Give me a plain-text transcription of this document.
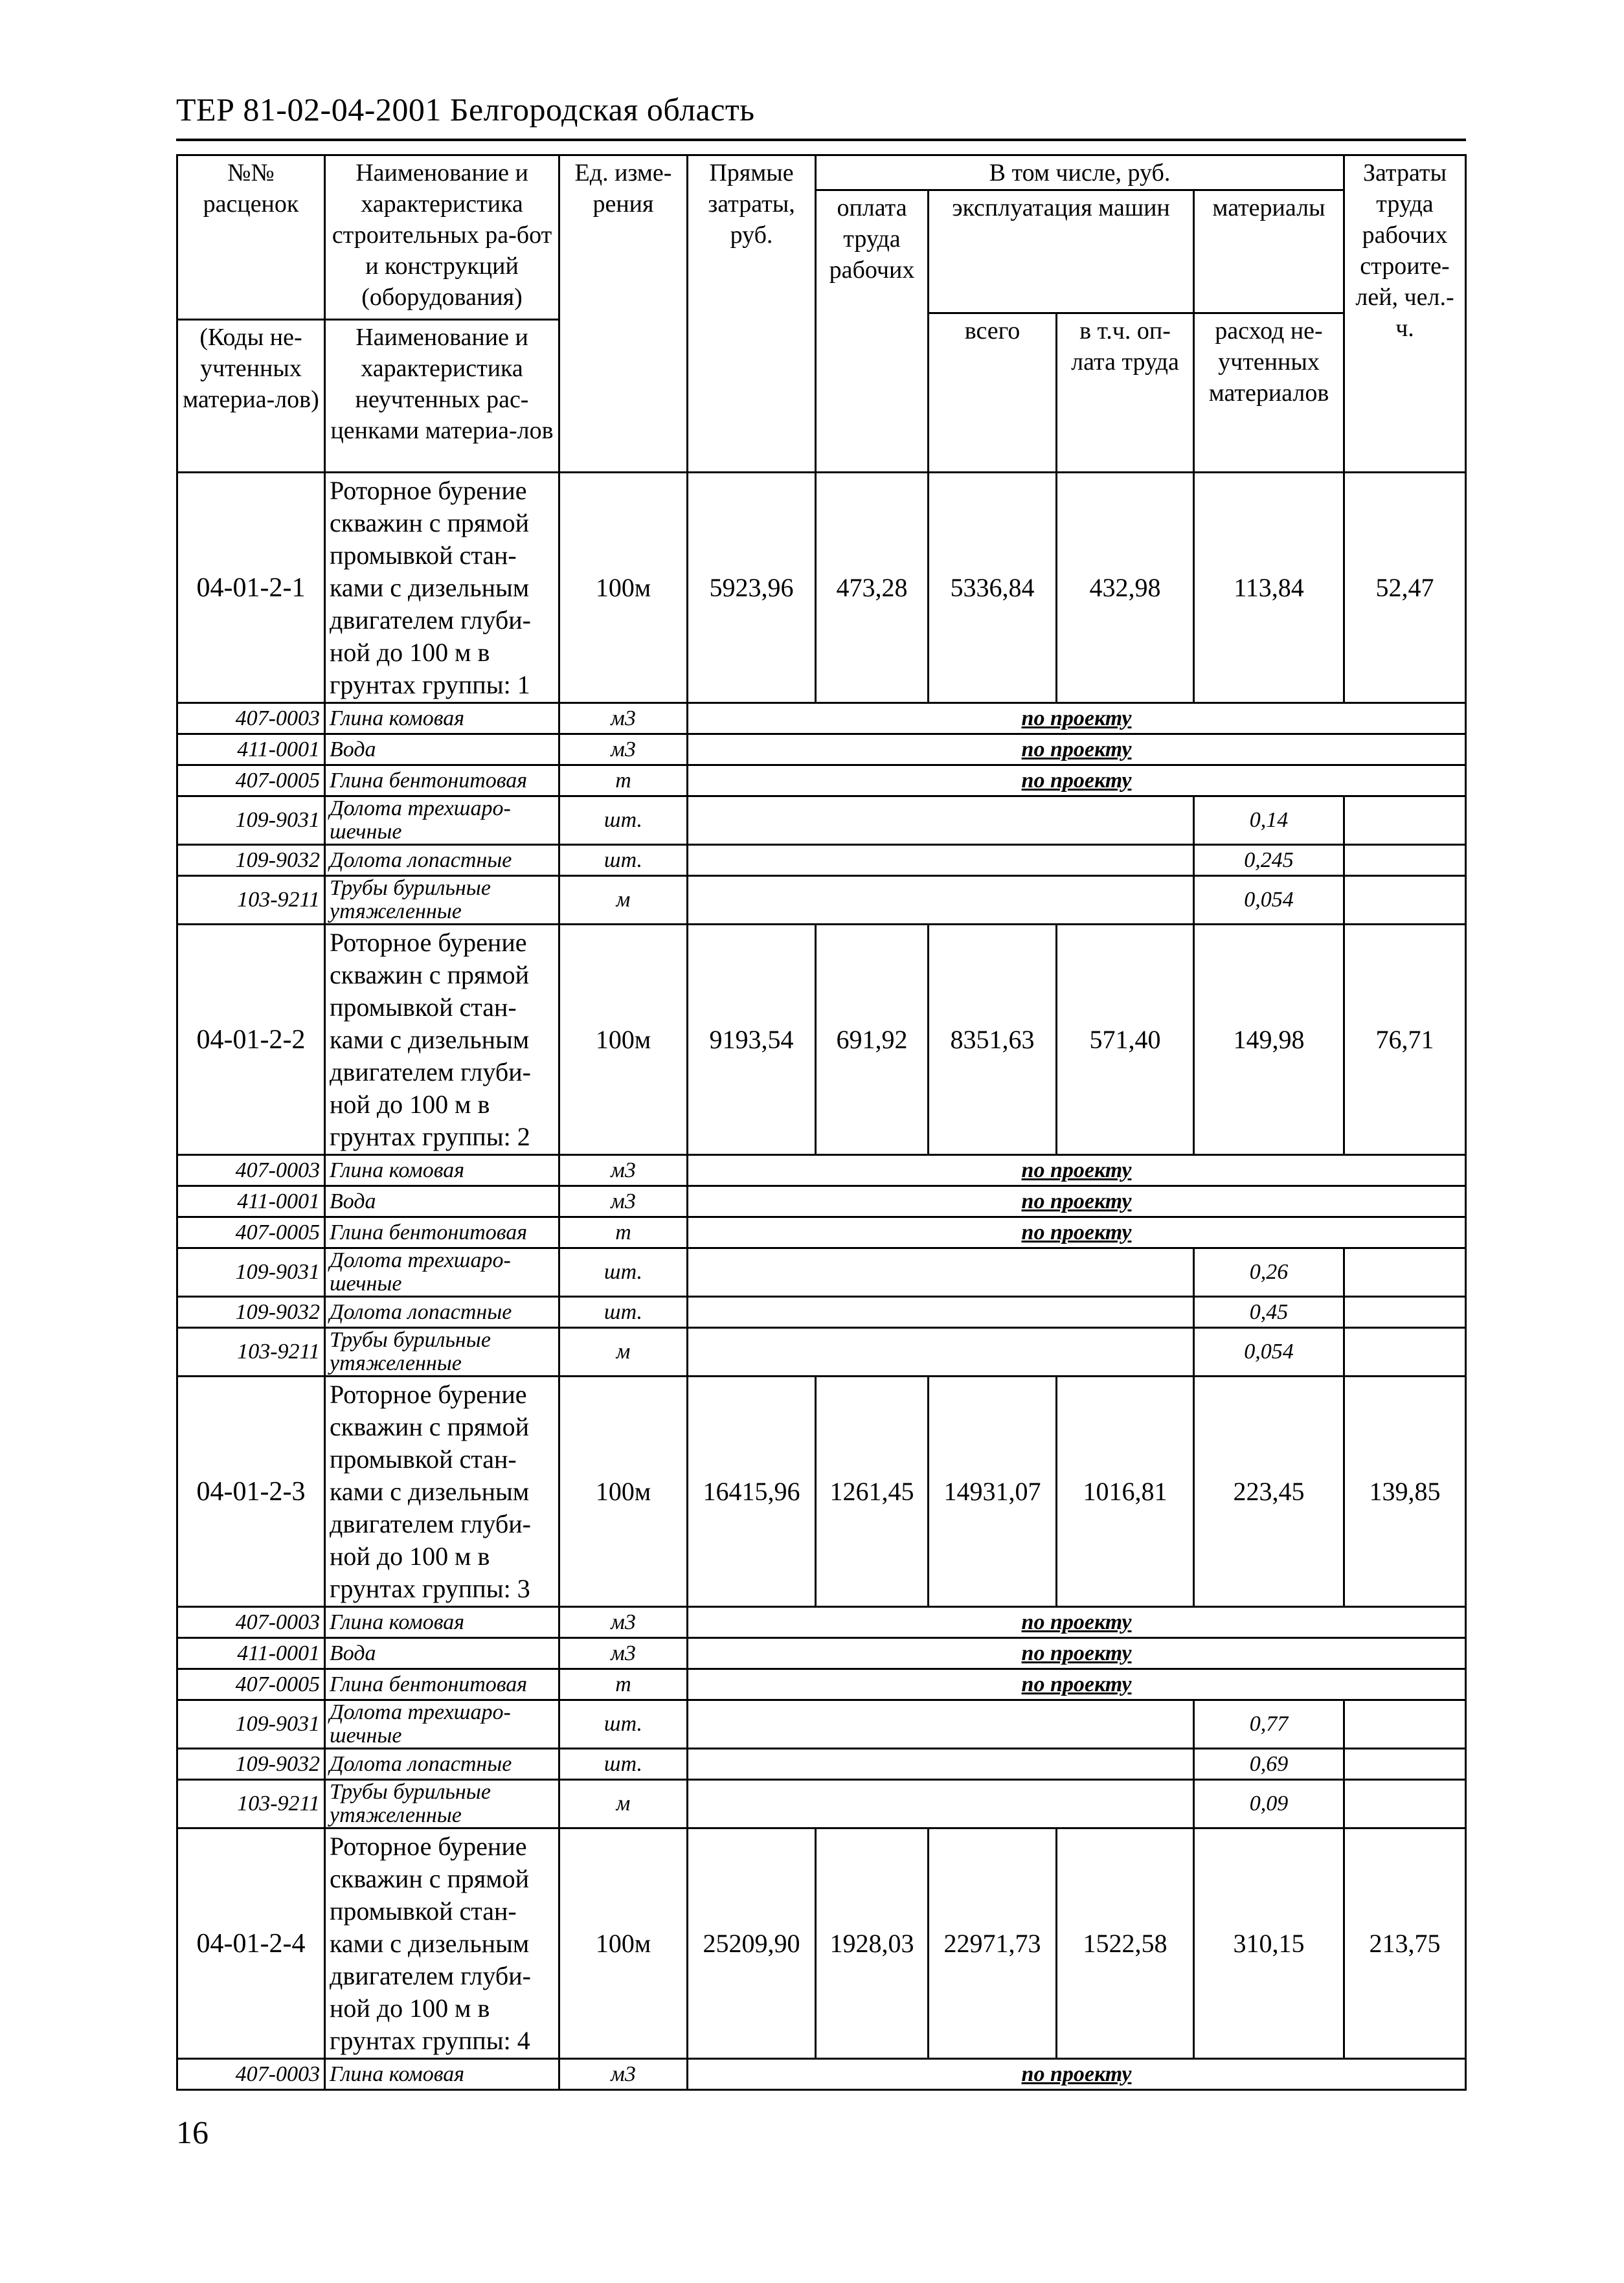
ТЕР 81-02-04-2001 Белгородская область
№№ расценок	Наименование и характеристика строительных ра-бот и конструкций (оборудования)	Ед. изме-рения	Прямые затраты, руб.	В том числе, руб.				Затраты труда рабочих строите-лей, чел.-ч.
				оплата труда рабочих	эксплуатация машин		материалы	
					всего	в т.ч. оп-лата труда	расход не-учтенных материалов	
(Коды не-учтенных материа-лов)	Наименование и характеристика неучтенных рас-ценками материа-лов							
04-01-2-1	Роторное бурение скважин с прямой промывкой стан-ками с дизельным двигателем глуби-ной до 100 м в грунтах группы: 1	100м	5923,96	473,28	5336,84	432,98	113,84	52,47
407-0003	Глина комовая	м3	по проекту					
411-0001	Вода	м3	по проекту					
407-0005	Глина бентонитовая	т	по проекту					
109-9031	Долота трехшаро-шечные	шт.					0,14	
109-9032	Долота лопастные	шт.					0,245	
103-9211	Трубы бурильные утяжеленные	м					0,054	
04-01-2-2	Роторное бурение скважин с прямой промывкой стан-ками с дизельным двигателем глуби-ной до 100 м в грунтах группы: 2	100м	9193,54	691,92	8351,63	571,40	149,98	76,71
407-0003	Глина комовая	м3	по проекту					
411-0001	Вода	м3	по проекту					
407-0005	Глина бентонитовая	т	по проекту					
109-9031	Долота трехшаро-шечные	шт.					0,26	
109-9032	Долота лопастные	шт.					0,45	
103-9211	Трубы бурильные утяжеленные	м					0,054	
04-01-2-3	Роторное бурение скважин с прямой промывкой стан-ками с дизельным двигателем глуби-ной до 100 м в грунтах группы: 3	100м	16415,96	1261,45	14931,07	1016,81	223,45	139,85
407-0003	Глина комовая	м3	по проекту					
411-0001	Вода	м3	по проекту					
407-0005	Глина бентонитовая	т	по проекту					
109-9031	Долота трехшаро-шечные	шт.					0,77	
109-9032	Долота лопастные	шт.					0,69	
103-9211	Трубы бурильные утяжеленные	м					0,09	
04-01-2-4	Роторное бурение скважин с прямой промывкой стан-ками с дизельным двигателем глуби-ной до 100 м в грунтах группы: 4	100м	25209,90	1928,03	22971,73	1522,58	310,15	213,75
407-0003	Глина комовая	м3	по проекту					
16
